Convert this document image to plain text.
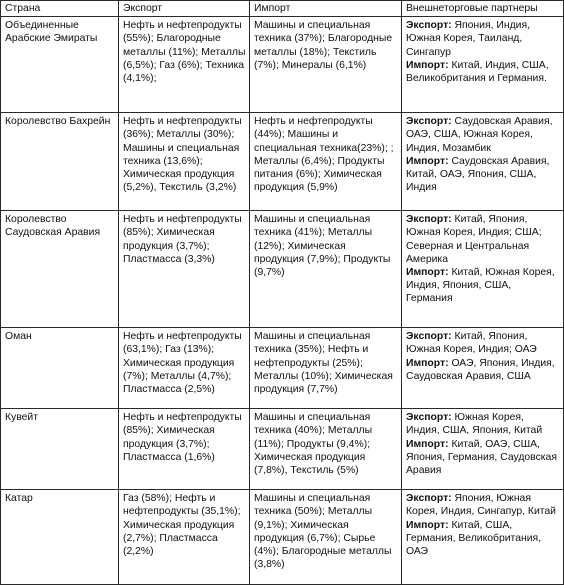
Страна	Экспорт	Импорт	Внешнеторговые партнеры
Объединенные Арабские Эмираты	Нефть и нефтепродукты (55%); Благородные металлы (11%); Металлы (6,5%); Газ (6%); Техника (4,1%);	Машины и специальная техника (37%); Благородные металлы (18%); Текстиль (7%); Минералы (6,1%)	Экспорт: Япония, Индия, Южная Корея, Таиланд, Сингапур
Импорт: Китай, Индия, США, Великобритания и Германия.

Королевство Бахрейн	Нефть и нефтепродукты (36%); Металлы (30%); Машины и специальная техника (13,6%); Химическая продукция (5,2%), Текстиль (3,2%)	Нефть и нефтепродукты (44%); Машины и специальная техника(23%); ; Металлы (6,4%); Продукты питания (6%); Химическая продукция (5,9%)	Экспорт: Саудовская Аравия, ОАЭ, США, Южная Корея, Индия, Мозамбик
Импорт: Саудовская Аравия, Китай, ОАЭ, Япония, США, Индия

Королевство Саудовская Аравия	Нефть и нефтепродукты (85%); Химическая продукция (3,7%); Пластмасса (3,3%)	Машины и специальная техника (41%); Металлы (12%); Химическая продукция (7,9%); Продукты (9,7%)	Экспорт: Китай, Япония, Южная Корея, Индия; США; Северная и Центральная Америка
Импорт: Китай, Южная Корея, Индия, Япония, США, Германия

Оман	Нефть и нефтепродукты (63,1%); Газ (13%); Химическая продукция (7%); Металлы (4,7%); Пластмасса (2,5%)	Машины и специальная техника (35%); Нефть и нефтепродукты (25%); Металлы (10%); Химическая продукция (7,7%)	Экспорт: Китай, Япония, Южная Корея, Индия; ОАЭ
Импорт: ОАЭ, Япония, Индия, Саудовская Аравия, США

Кувейт	Нефть и нефтепродукты (85%); Химическая продукция (3,7%); Пластмасса (1,6%)	Машины и специальная техника (40%); Металлы (11%); Продукты (9,4%); Химическая продукция (7,8%), Текстиль (5%)	Экспорт: Южная Корея, Индия, США, Япония, Китай
Импорт: Китай, ОАЭ, США, Япония, Германия, Саудовская Аравия

Катар	Газ (58%); Нефть и нефтепродукты (35,1%); Химическая продукция (2,7%); Пластмасса (2,2%)	Машины и специальная техника (50%); Металлы (9,1%); Химическая продукция (6,7%); Сырье (4%); Благородные металлы (3,8%)	Экспорт: Япония, Южная Корея, Индия, Сингапур, Китай
Импорт: Китай, США, Германия, Великобритания, ОАЭ
